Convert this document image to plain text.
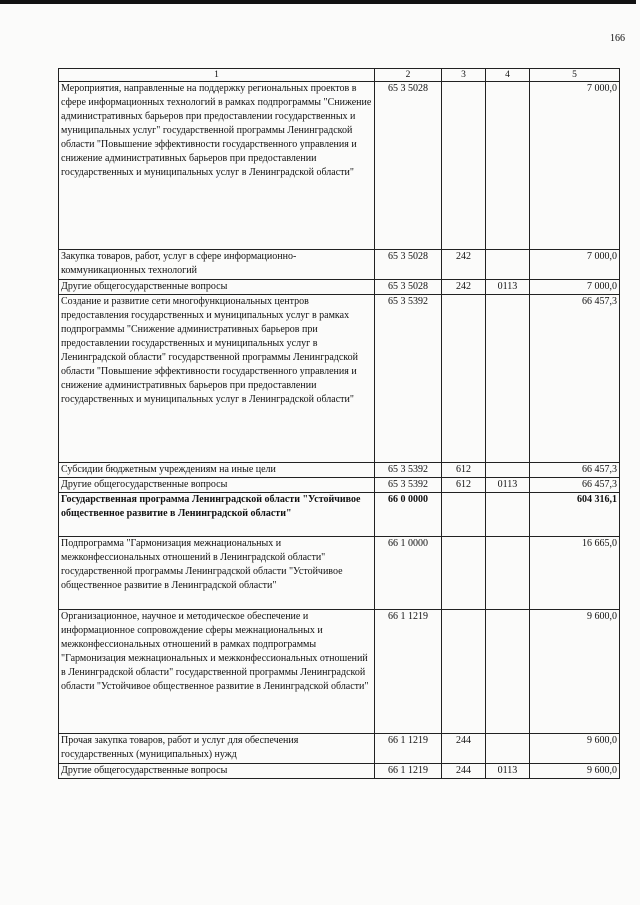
166
1	2	3	4	5
Мероприятия, направленные на поддержку региональных проектов в сфере информационных технологий в рамках подпрограммы "Снижение административных барьеров при предоставлении государственных и муниципальных услуг" государственной программы Ленинградской области "Повышение эффективности государственного управления и снижение административных барьеров при предоставлении государственных и муниципальных услуг в Ленинградской области"	65 3 5028			7 000,0
Закупка товаров, работ, услуг в сфере информационно-коммуникационных технологий	65 3 5028	242		7 000,0
Другие общегосударственные вопросы	65 3 5028	242	0113	7 000,0
Создание и развитие сети многофункциональных центров предоставления государственных и муниципальных услуг в рамках подпрограммы "Снижение административных барьеров при предоставлении государственных и муниципальных услуг в Ленинградской области" государственной программы Ленинградской области "Повышение эффективности государственного управления и снижение административных барьеров при предоставлении государственных и муниципальных услуг в Ленинградской области"	65 3 5392			66 457,3
Субсидии бюджетным учреждениям на иные цели	65 3 5392	612		66 457,3
Другие общегосударственные вопросы	65 3 5392	612	0113	66 457,3
Государственная программа Ленинградской области "Устойчивое общественное развитие в Ленинградской области"	66 0 0000			604 316,1
Подпрограмма "Гармонизация межнациональных и межконфессиональных отношений в Ленинградской области" государственной программы Ленинградской области "Устойчивое общественное развитие в Ленинградской области"	66 1 0000			16 665,0
Организационное, научное и методическое обеспечение и информационное сопровождение сферы межнациональных и межконфессиональных отношений в рамках подпрограммы "Гармонизация межнациональных и межконфессиональных отношений в Ленинградской области" государственной программы Ленинградской области "Устойчивое общественное развитие в Ленинградской области"	66 1 1219			9 600,0
Прочая закупка товаров, работ и услуг для обеспечения государственных (муниципальных) нужд	66 1 1219	244		9 600,0
Другие общегосударственные вопросы	66 1 1219	244	0113	9 600,0
